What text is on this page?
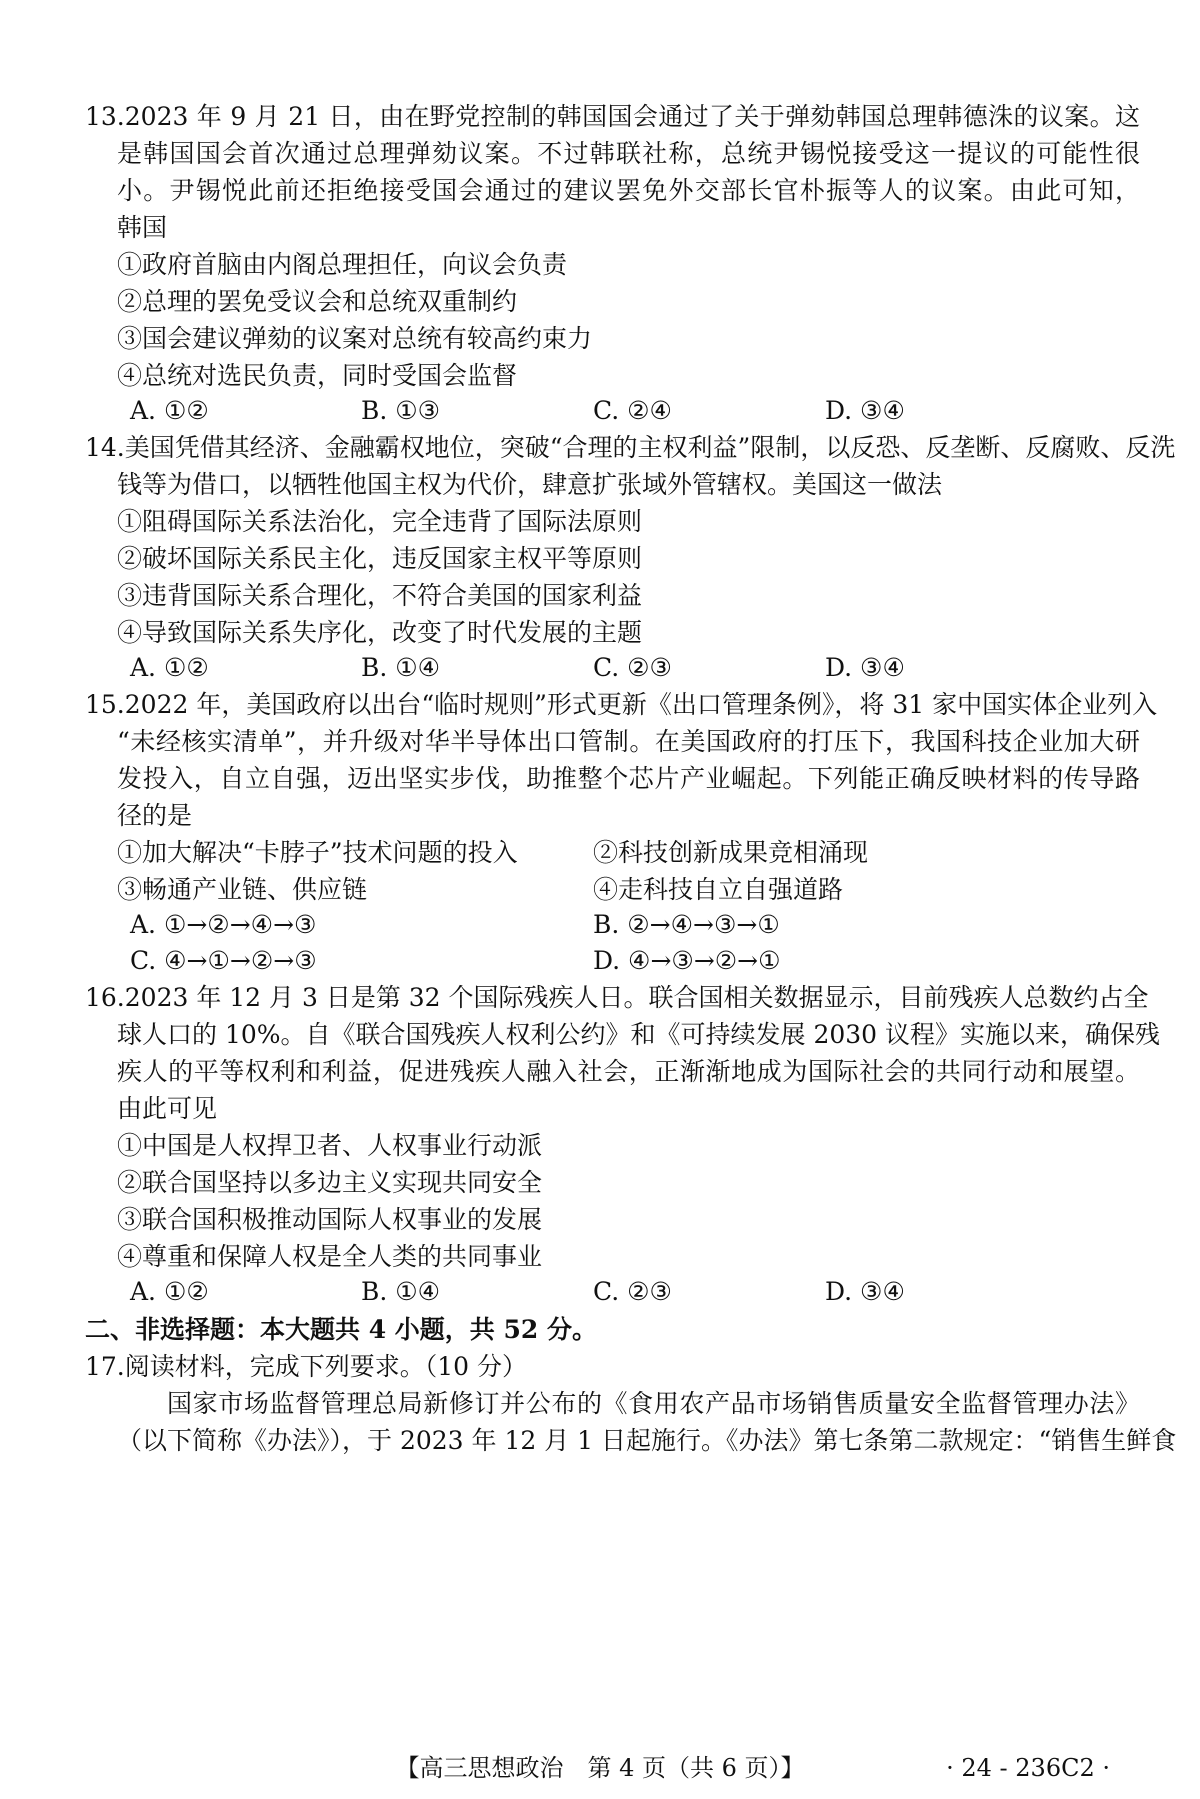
13.2023 年 9 月 21 日，由在野党控制的韩国国会通过了关于弹劾韩国总理韩德洙的议案。这
是韩国国会首次通过总理弹劾议案。不过韩联社称，总统尹锡悦接受这一提议的可能性很
小。尹锡悦此前还拒绝接受国会通过的建议罢免外交部长官朴振等人的议案。由此可知，
韩国
①政府首脑由内阁总理担任，向议会负责
②总理的罢免受议会和总统双重制约
③国会建议弹劾的议案对总统有较高约束力
④总统对选民负责，同时受国会监督
A. ①②	B. ①③	C. ②④	D. ③④
14.美国凭借其经济、金融霸权地位，突破“合理的主权利益”限制，以反恐、反垄断、反腐败、反洗
钱等为借口，以牺牲他国主权为代价，肆意扩张域外管辖权。美国这一做法
①阻碍国际关系法治化，完全违背了国际法原则
②破坏国际关系民主化，违反国家主权平等原则
③违背国际关系合理化，不符合美国的国家利益
④导致国际关系失序化，改变了时代发展的主题
A. ①②	B. ①④	C. ②③	D. ③④
15.2022 年，美国政府以出台“临时规则”形式更新《出口管理条例》，将 31 家中国实体企业列入
“未经核实清单”，并升级对华半导体出口管制。在美国政府的打压下，我国科技企业加大研
发投入，自立自强，迈出坚实步伐，助推整个芯片产业崛起。下列能正确反映材料的传导路
径的是
①加大解决“卡脖子”技术问题的投入	②科技创新成果竞相涌现
③畅通产业链、供应链	④走科技自立自强道路
A. ①→②→④→③	B. ②→④→③→①
C. ④→①→②→③	D. ④→③→②→①
16.2023 年 12 月 3 日是第 32 个国际残疾人日。联合国相关数据显示，目前残疾人总数约占全
球人口的 10%。自《联合国残疾人权利公约》和《可持续发展 2030 议程》实施以来，确保残
疾人的平等权利和利益，促进残疾人融入社会，正渐渐地成为国际社会的共同行动和展望。
由此可见
①中国是人权捍卫者、人权事业行动派
②联合国坚持以多边主义实现共同安全
③联合国积极推动国际人权事业的发展
④尊重和保障人权是全人类的共同事业
A. ①②	B. ①④	C. ②③	D. ③④
二、非选择题：本大题共 4 小题，共 52 分。
17.阅读材料，完成下列要求。（10 分）
国家市场监督管理总局新修订并公布的《食用农产品市场销售质量安全监督管理办法》
（以下简称《办法》），于 2023 年 12 月 1 日起施行。《办法》第七条第二款规定：“销售生鲜食
【高三思想政治　第 4 页（共 6 页）】	· 24 - 236C2 ·
